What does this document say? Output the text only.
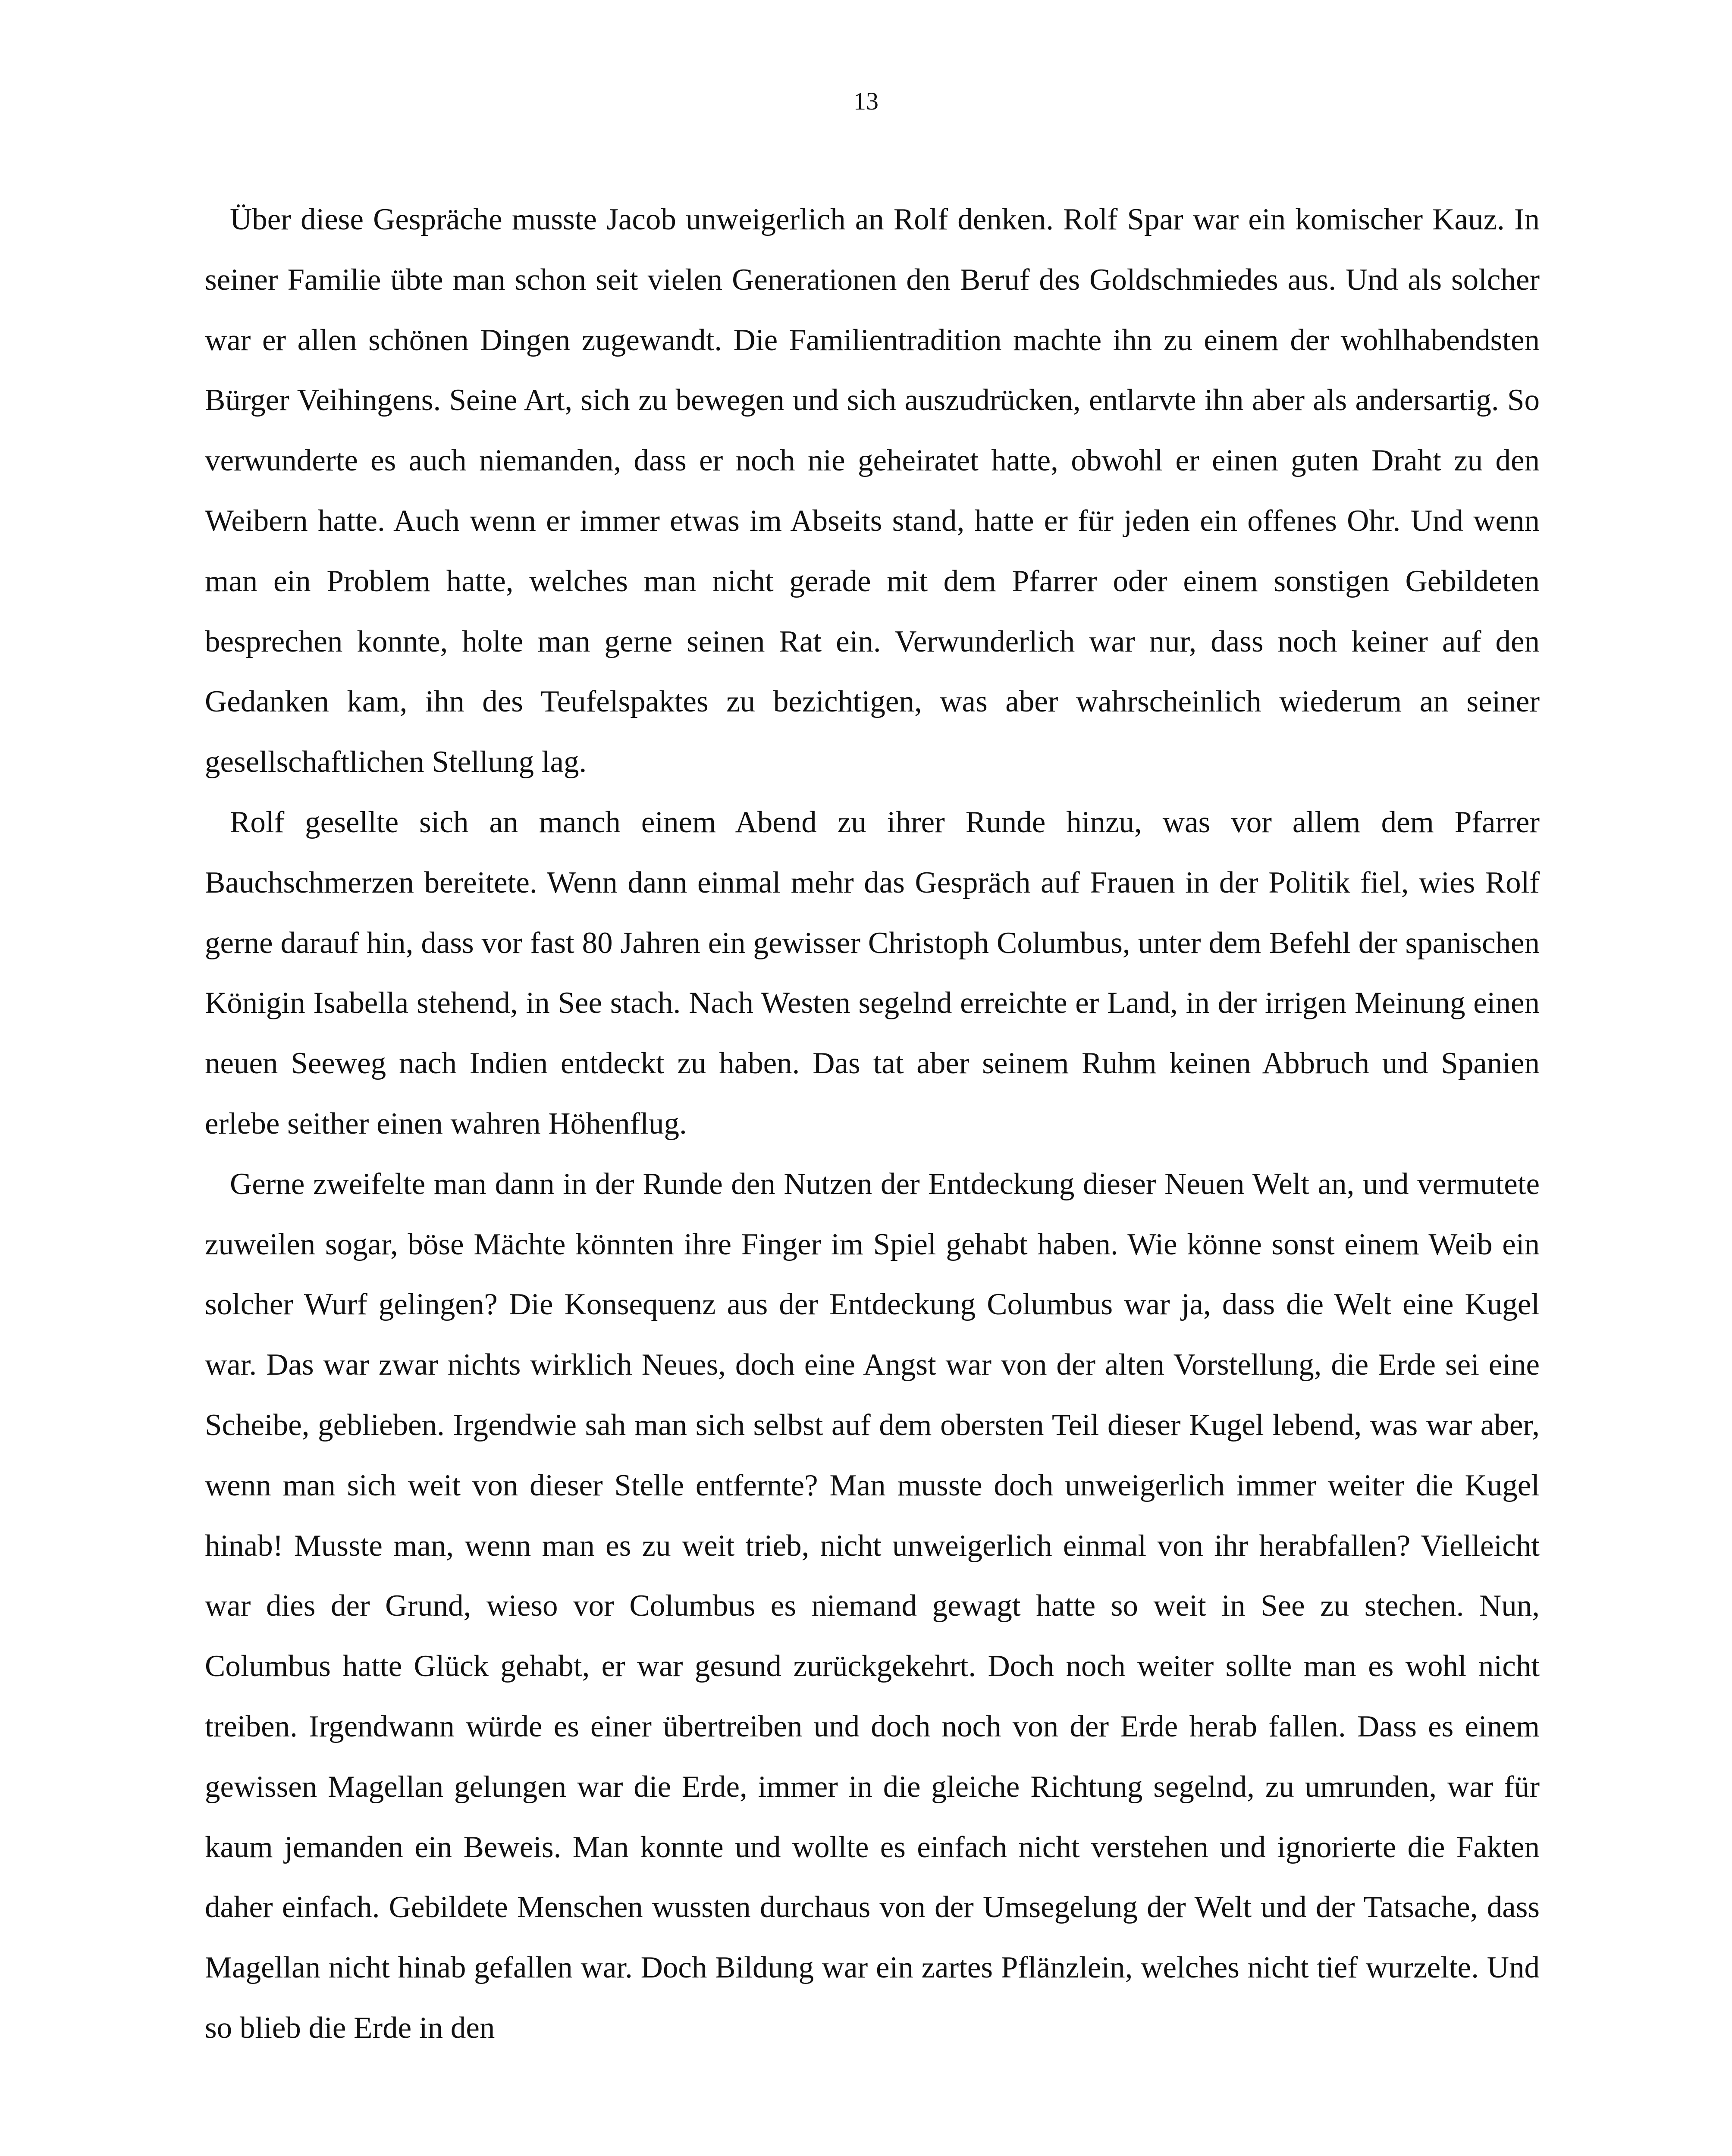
13

Über diese Gespräche musste Jacob unweigerlich an Rolf denken. Rolf Spar war ein komischer Kauz. In seiner Familie übte man schon seit vielen Generationen den Beruf des Goldschmiedes aus. Und als solcher war er allen schönen Dingen zugewandt. Die Familientradition machte ihn zu einem der wohlhabendsten Bürger Veihingens. Seine Art, sich zu bewegen und sich auszudrücken, entlarvte ihn aber als andersartig. So verwunderte es auch niemanden, dass er noch nie geheiratet hatte, obwohl er einen guten Draht zu den Weibern hatte. Auch wenn er immer etwas im Abseits stand, hatte er für jeden ein offenes Ohr. Und wenn man ein Problem hatte, welches man nicht gerade mit dem Pfarrer oder einem sonstigen Gebildeten besprechen konnte, holte man gerne seinen Rat ein. Verwunderlich war nur, dass noch keiner auf den Gedanken kam, ihn des Teufelspaktes zu bezichtigen, was aber wahrscheinlich wiederum an seiner gesellschaftlichen Stellung lag.

Rolf gesellte sich an manch einem Abend zu ihrer Runde hinzu, was vor allem dem Pfarrer Bauchschmerzen bereitete. Wenn dann einmal mehr das Gespräch auf Frauen in der Politik fiel, wies Rolf gerne darauf hin, dass vor fast 80 Jahren ein gewisser Christoph Columbus, unter dem Befehl der spanischen Königin Isabella stehend, in See stach. Nach Westen segelnd erreichte er Land, in der irrigen Meinung einen neuen Seeweg nach Indien entdeckt zu haben. Das tat aber seinem Ruhm keinen Abbruch und Spanien erlebe seither einen wahren Höhenflug.

Gerne zweifelte man dann in der Runde den Nutzen der Entdeckung dieser Neuen Welt an, und vermutete zuweilen sogar, böse Mächte könnten ihre Finger im Spiel gehabt haben. Wie könne sonst einem Weib ein solcher Wurf gelingen? Die Konsequenz aus der Entdeckung Columbus war ja, dass die Welt eine Kugel war. Das war zwar nichts wirklich Neues, doch eine Angst war von der alten Vorstellung, die Erde sei eine Scheibe, geblieben. Irgendwie sah man sich selbst auf dem obersten Teil dieser Kugel lebend, was war aber, wenn man sich weit von dieser Stelle entfernte? Man musste doch unweigerlich immer weiter die Kugel hinab! Musste man, wenn man es zu weit trieb, nicht unweigerlich einmal von ihr herabfallen? Vielleicht war dies der Grund, wieso vor Columbus es niemand gewagt hatte so weit in See zu stechen. Nun, Columbus hatte Glück gehabt, er war gesund zurückgekehrt. Doch noch weiter sollte man es wohl nicht treiben. Irgendwann würde es einer übertreiben und doch noch von der Erde herab fallen. Dass es einem gewissen Magellan gelungen war die Erde, immer in die gleiche Richtung segelnd, zu umrunden, war für kaum jemanden ein Beweis. Man konnte und wollte es einfach nicht verstehen und ignorierte die Fakten daher einfach. Gebildete Menschen wussten durchaus von der Umsegelung der Welt und der Tatsache, dass Magellan nicht hinab gefallen war. Doch Bildung war ein zartes Pflänzlein, welches nicht tief wurzelte. Und so blieb die Erde in den
